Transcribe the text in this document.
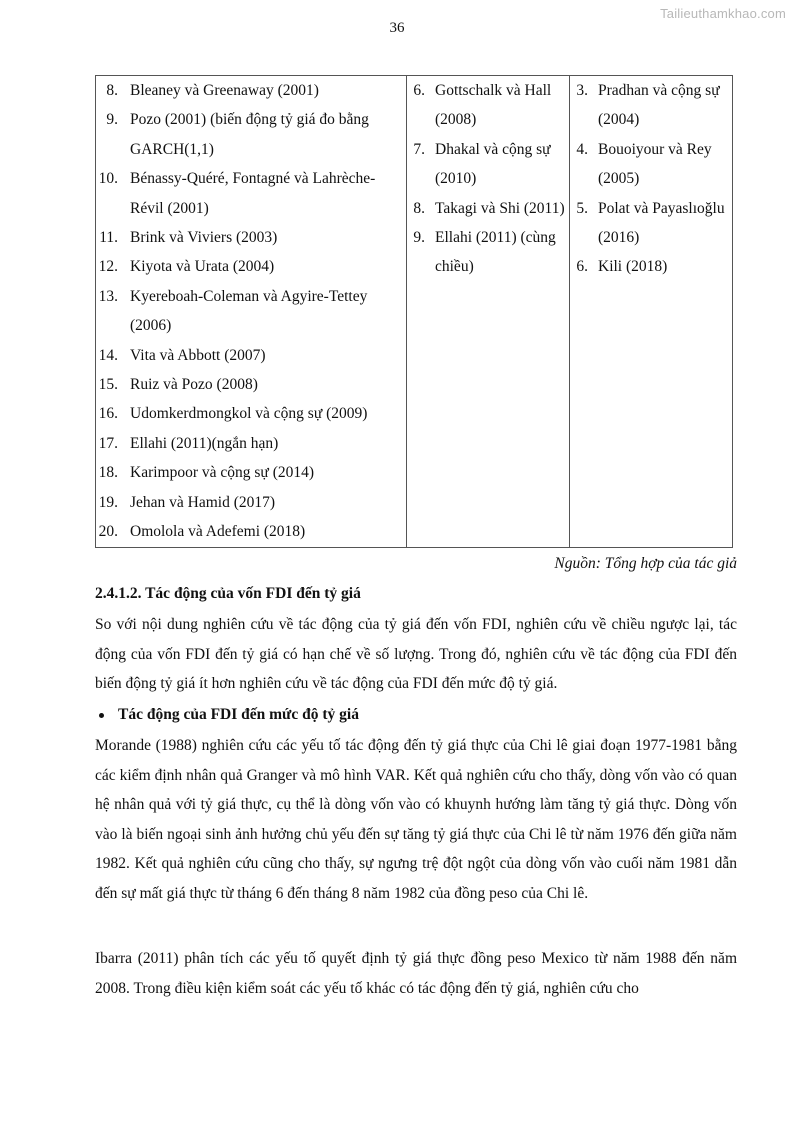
Tailieuthamkhao.com
36
8. Bleaney và Greenaway (2001)
9. Pozo (2001) (biến động tỷ giá đo bằng GARCH(1,1)
10. Bénassy-Quéré, Fontagné và Lahrèche-Révil (2001)
11. Brink và Viviers (2003)
12. Kiyota và Urata (2004)
13. Kyereboah-Coleman và Agyire-Tettey (2006)
14. Vita và Abbott (2007)
15. Ruiz và Pozo (2008)
16. Udomkerdmongkol và cộng sự (2009)
17. Ellahi (2011)(ngắn hạn)
18. Karimpoor và cộng sự (2014)
19. Jehan và Hamid (2017)
20. Omolola và Adefemi (2018)

6. Gottschalk và Hall (2008)
7. Dhakal và cộng sự (2010)
8. Takagi và Shi (2011)
9. Ellahi (2011) (cùng chiều)

3. Pradhan và cộng sự (2004)
4. Bouoiyour và Rey (2005)
5. Polat và Payaslıoğlu (2016)
6. Kili (2018)
Nguồn: Tổng hợp của tác giả
2.4.1.2. Tác động của vốn FDI đến tỷ giá

So với nội dung nghiên cứu về tác động của tỷ giá đến vốn FDI, nghiên cứu về chiều ngược lại, tác động của vốn FDI đến tỷ giá có hạn chế về số lượng. Trong đó, nghiên cứu về tác động của FDI đến biến động tỷ giá ít hơn nghiên cứu về tác động của FDI đến mức độ tỷ giá.

Tác động của FDI đến mức độ tỷ giá

Morande (1988) nghiên cứu các yếu tố tác động đến tỷ giá thực của Chi lê giai đoạn 1977-1981 bằng các kiểm định nhân quả Granger và mô hình VAR. Kết quả nghiên cứu cho thấy, dòng vốn vào có quan hệ nhân quả với tỷ giá thực, cụ thể là dòng vốn vào có khuynh hướng làm tăng tỷ giá thực. Dòng vốn vào là biến ngoại sinh ảnh hưởng chủ yếu đến sự tăng tỷ giá thực của Chi lê từ năm 1976 đến giữa năm 1982. Kết quả nghiên cứu cũng cho thấy, sự ngưng trệ đột ngột của dòng vốn vào cuối năm 1981 dẫn đến sự mất giá thực từ tháng 6 đến tháng 8 năm 1982 của đồng peso của Chi lê.

Ibarra (2011) phân tích các yếu tố quyết định tỷ giá thực đồng peso Mexico từ năm 1988 đến năm 2008. Trong điều kiện kiểm soát các yếu tố khác có tác động đến tỷ giá, nghiên cứu cho
